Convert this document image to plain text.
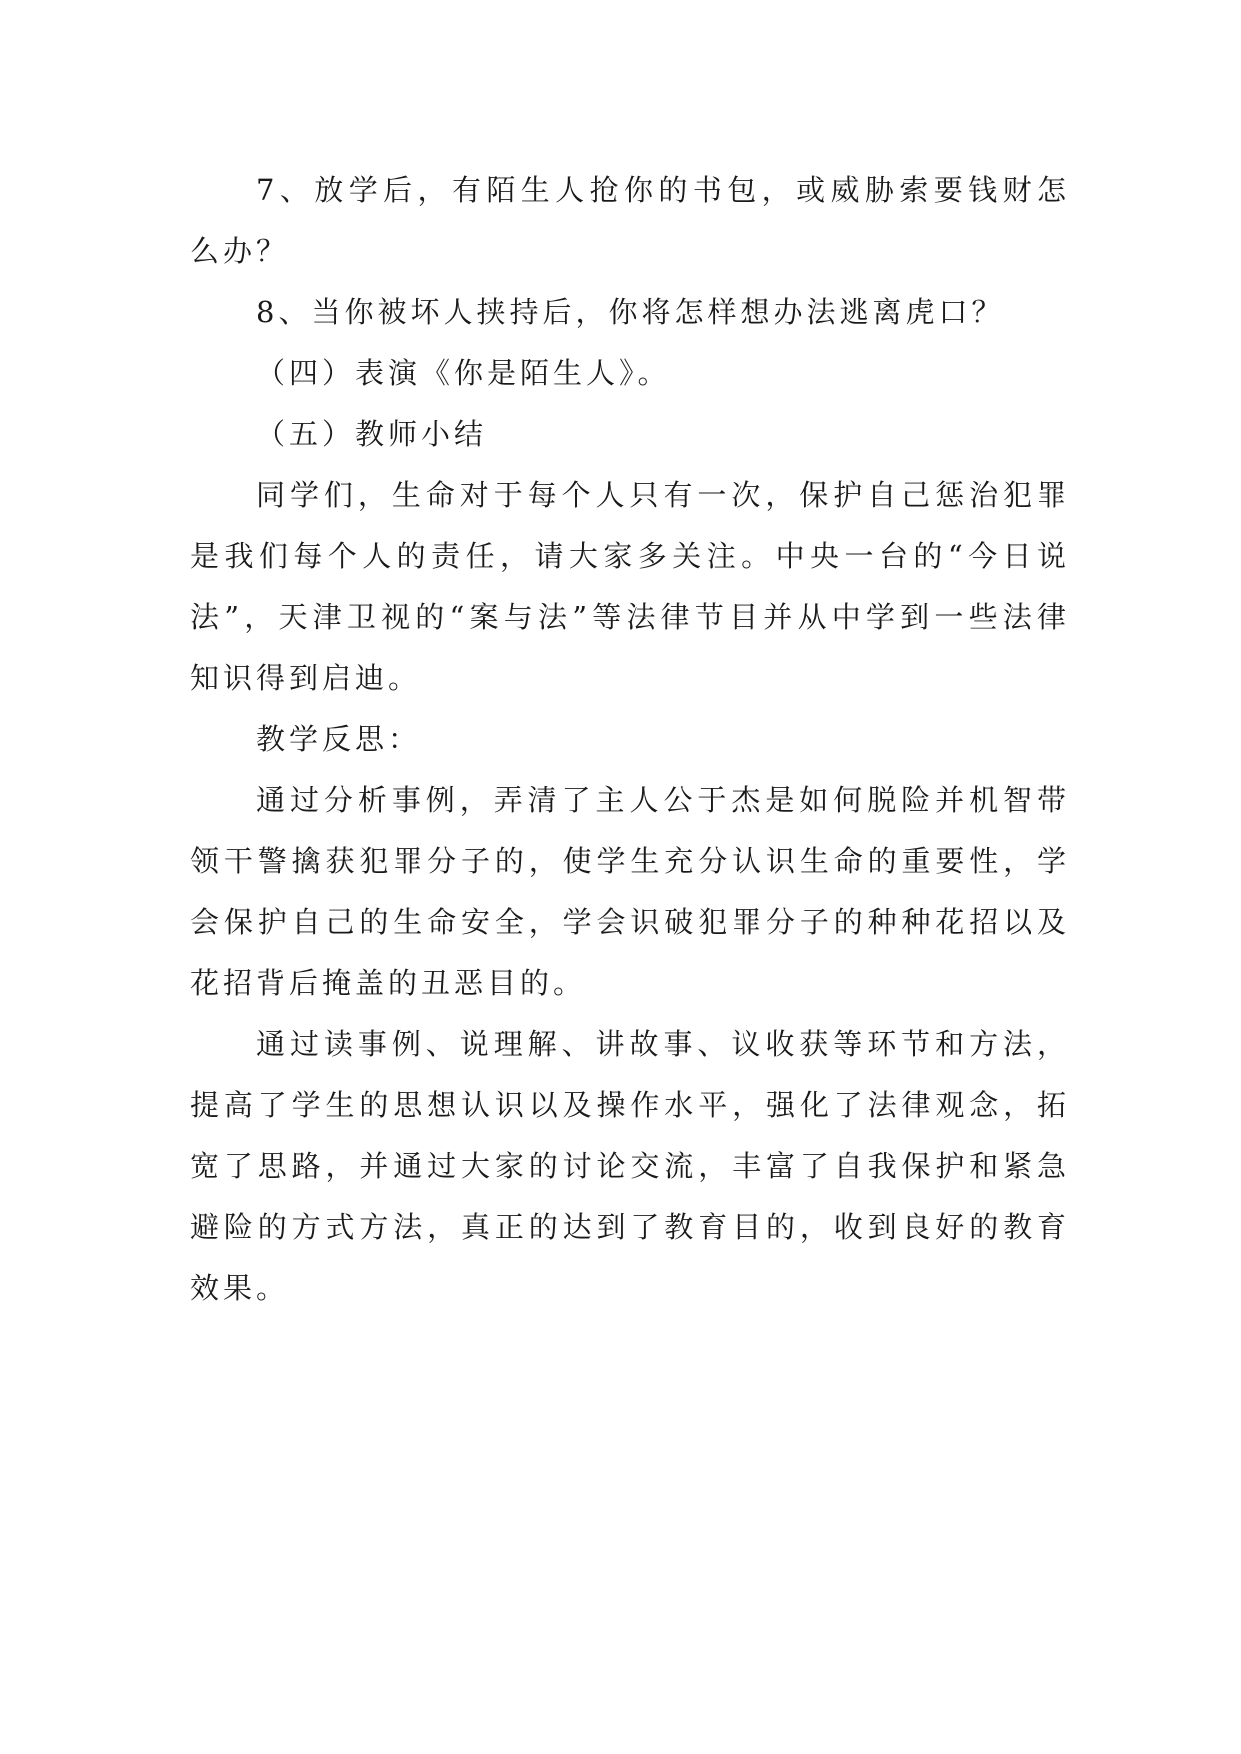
7、放学后，有陌生人抢你的书包，或威胁索要钱财怎么办？

8、当你被坏人挟持后，你将怎样想办法逃离虎口？

（四）表演《你是陌生人》。

（五）教师小结

同学们，生命对于每个人只有一次，保护自己惩治犯罪是我们每个人的责任，请大家多关注。中央一台的“今日说法”，天津卫视的“案与法”等法律节目并从中学到一些法律知识得到启迪。

教学反思：

通过分析事例，弄清了主人公于杰是如何脱险并机智带领干警擒获犯罪分子的，使学生充分认识生命的重要性，学会保护自己的生命安全，学会识破犯罪分子的种种花招以及花招背后掩盖的丑恶目的。

通过读事例、说理解、讲故事、议收获等环节和方法，提高了学生的思想认识以及操作水平，强化了法律观念，拓宽了思路，并通过大家的讨论交流，丰富了自我保护和紧急避险的方式方法，真正的达到了教育目的，收到良好的教育效果。
